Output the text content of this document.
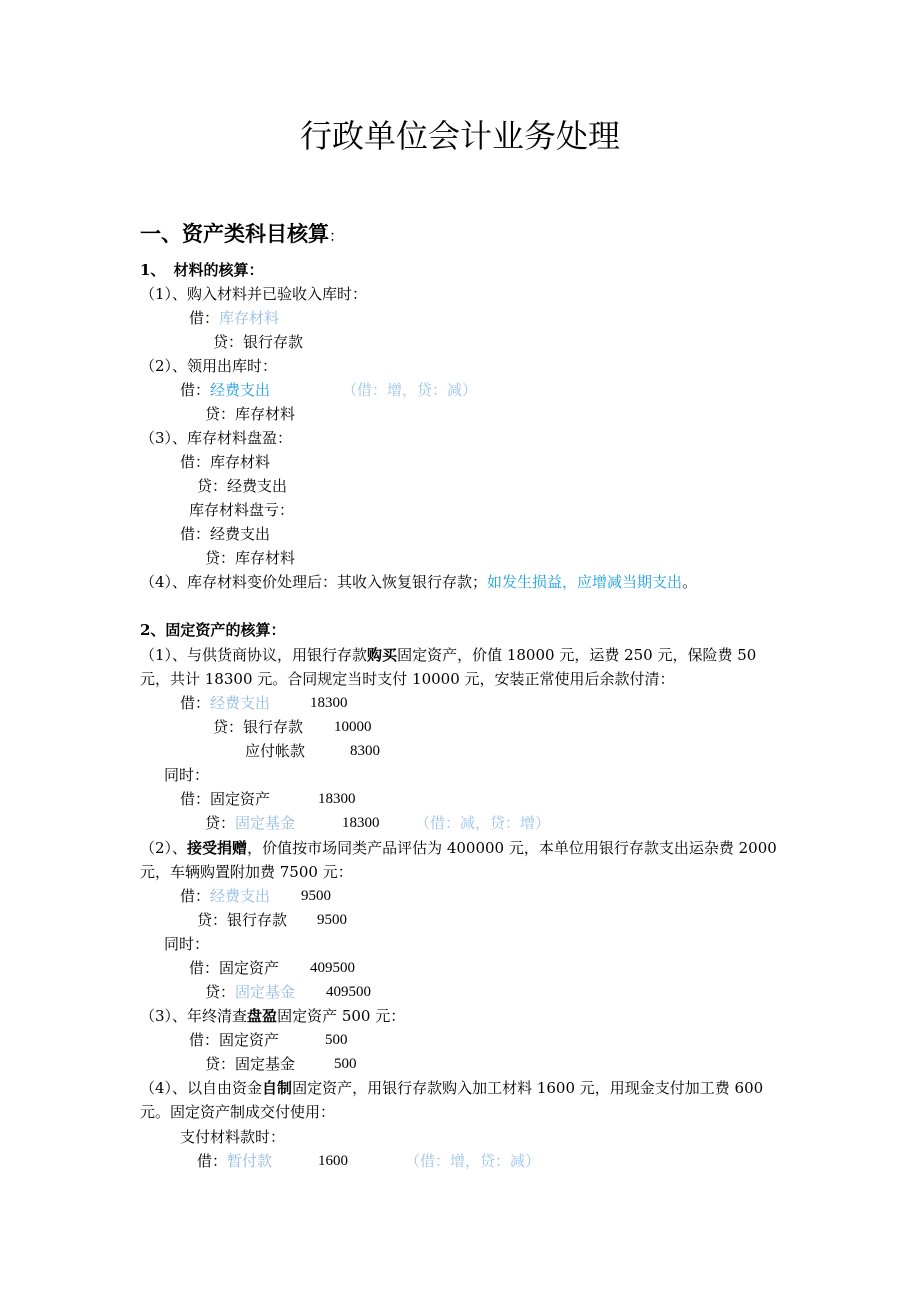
行政单位会计业务处理
一、资产类科目核算：
1、 材料的核算：
（1）、购入材料并已验收入库时：
借：库存材料
贷：银行存款
（2）、领用出库时：
借：经费支出	（借：增，贷：减）
贷：库存材料
（3）、库存材料盘盈：
借：库存材料
贷：经费支出
库存材料盘亏：
借：经费支出
贷：库存材料
（4）、库存材料变价处理后：其收入恢复银行存款；如发生损益，应增减当期支出。
2、固定资产的核算：
（1）、与供货商协议，用银行存款购买固定资产，价值 18000 元，运费 250 元，保险费 50
元，共计 18300 元。合同规定当时支付 10000 元，安装正常使用后余款付清：
借：经费支出	18300
贷：银行存款 10000
应付帐款	8300
同时：
借：固定资产	18300
贷：固定基金	18300 （借：减，贷：增）
（2）、接受捐赠，价值按市场同类产品评估为 400000 元，本单位用银行存款支出运杂费 2000
元，车辆购置附加费 7500 元：
借：经费支出 9500
贷：银行存款 9500
同时：
借：固定资产 409500
贷：固定基金 409500
（3）、年终清查盘盈固定资产 500 元：
借：固定资产	500
贷：固定基金	500
（4）、以自由资金自制固定资产，用银行存款购入加工材料 1600 元，用现金支付加工费 600
元。固定资产制成交付使用：
支付材料款时：
借：暂付款	1600	（借：增，贷：减）
